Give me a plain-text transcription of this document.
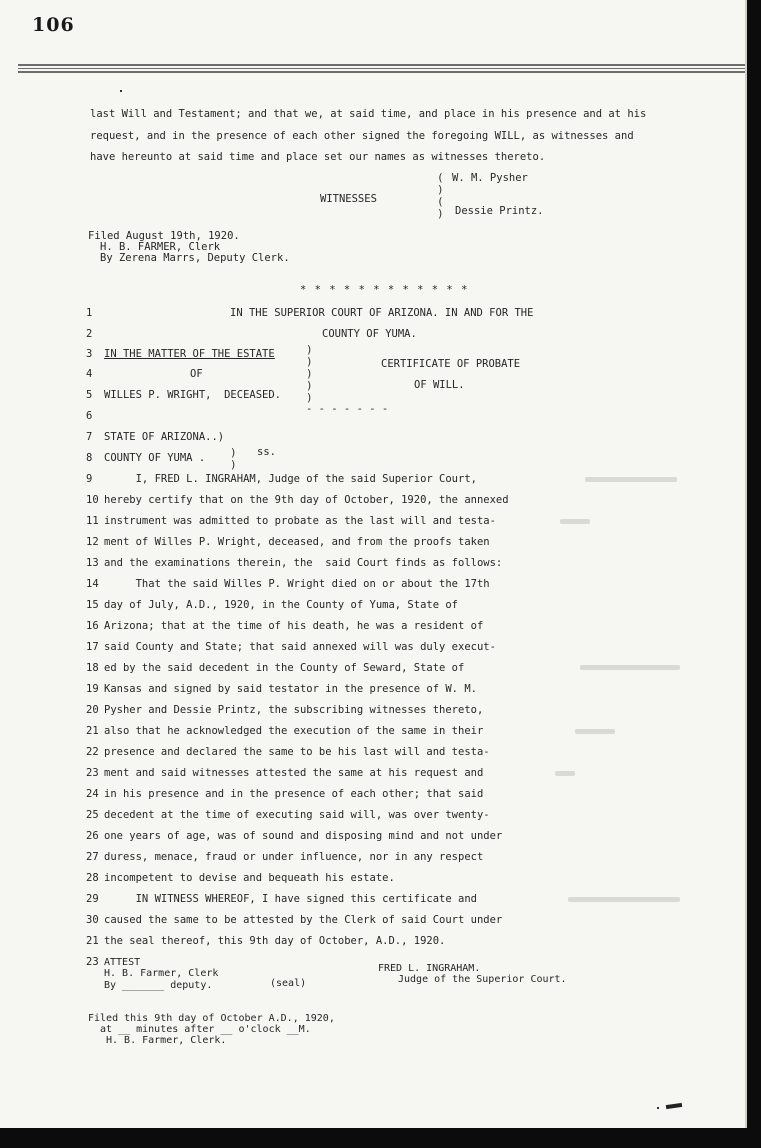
106
last Will and Testament; and that we, at said time, and place in his presence and at his
request, and in the presence of each other signed the foregoing WILL, as witnesses and
have hereunto at said time and place set our names as witnesses thereto.
WITNESSES
(
)
(
)
W. M. Pysher
Dessie Printz.
Filed August 19th, 1920.
H. B. FARMER, Clerk
By Zerena Marrs, Deputy Clerk.
* * * * * * * * * * * *
1
2
3
4
5
6
7
8
9
10
11
12
13
14
15
16
17
18
19
20
21
22
23
24
25
26
27
28
29
30
21
23
IN THE SUPERIOR COURT OF ARIZONA. IN AND FOR THE
COUNTY OF YUMA.
IN THE MATTER OF THE ESTATE
OF
WILLES P. WRIGHT,  DECEASED.
)
)
)
)
)
CERTIFICATE OF PROBATE
OF WILL.
- - - - - - -
STATE OF ARIZONA..)
COUNTY OF YUMA . )
)
ss.
I, FRED L. INGRAHAM, Judge of the said Superior Court,
hereby certify that on the 9th day of October, 1920, the annexed
instrument was admitted to probate as the last will and testa-
ment of Willes P. Wright, deceased, and from the proofs taken
and the examinations therein, the  said Court finds as follows:
That the said Willes P. Wright died on or about the 17th
day of July, A.D., 1920, in the County of Yuma, State of
Arizona; that at the time of his death, he was a resident of
said County and State; that said annexed will was duly execut-
ed by the said decedent in the County of Seward, State of
Kansas and signed by said testator in the presence of W. M.
Pysher and Dessie Printz, the subscribing witnesses thereto,
also that he acknowledged the execution of the same in their
presence and declared the same to be his last will and testa-
ment and said witnesses attested the same at his request and
in his presence and in the presence of each other; that said
decedent at the time of executing said will, was over twenty-
one years of age, was of sound and disposing mind and not under
duress, menace, fraud or under influence, nor in any respect
incompetent to devise and bequeath his estate.
IN WITNESS WHEREOF, I have signed this certificate and
caused the same to be attested by the Clerk of said Court under
the seal thereof, this 9th day of October, A.D., 1920.
ATTEST
H. B. Farmer, Clerk
By _______ deputy.	(seal)
FRED L. INGRAHAM.
Judge of the Superior Court.
Filed this 9th day of October A.D., 1920,
at __ minutes after __ o'clock __M.
H. B. Farmer, Clerk.
